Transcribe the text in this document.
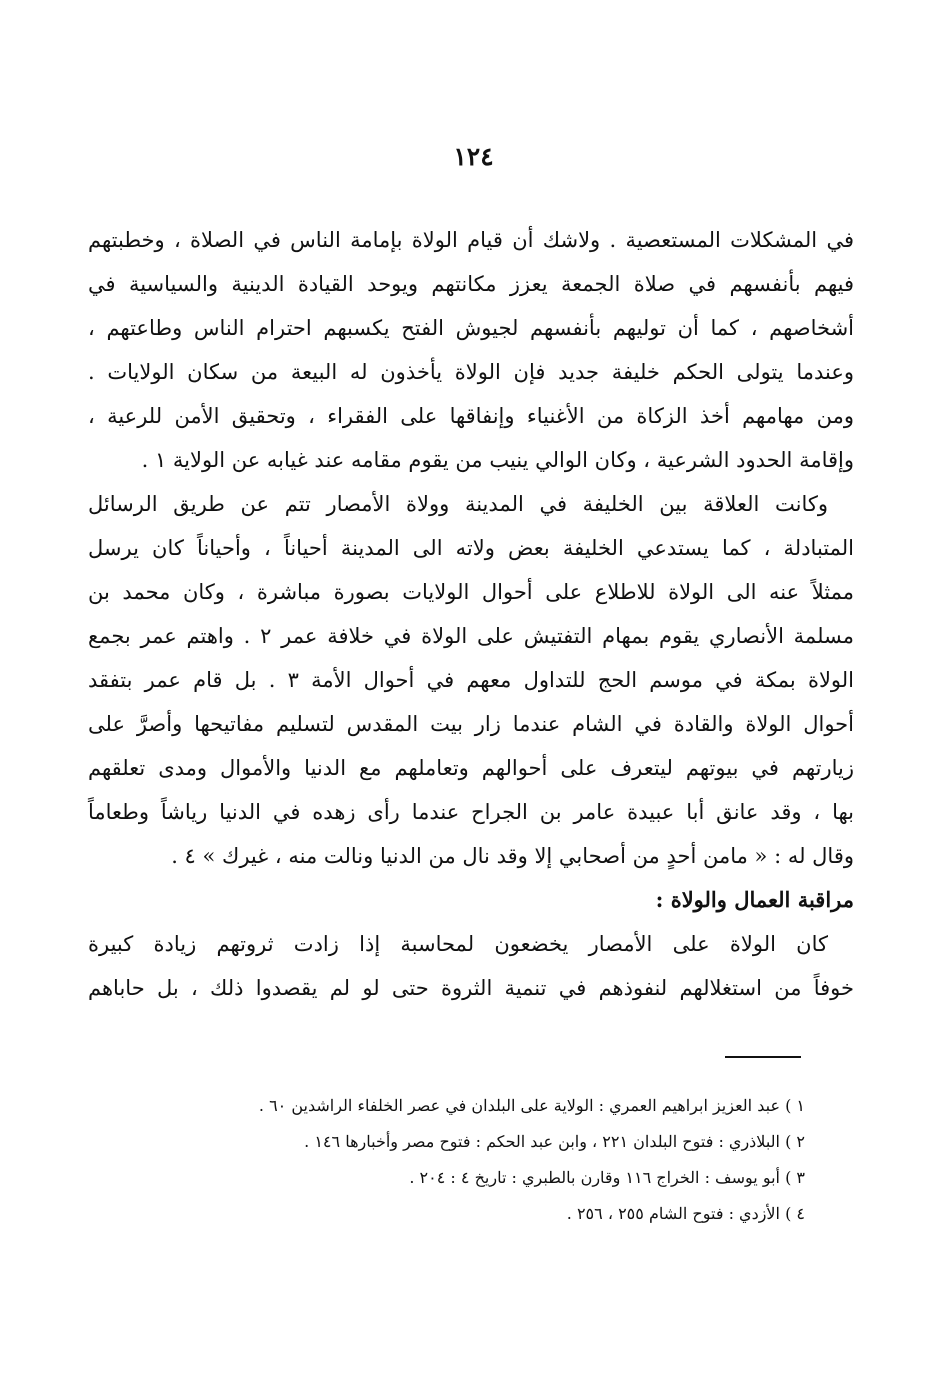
١٢٤
في المشكلات المستعصية . ولاشك أن قيام الولاة بإمامة الناس في الصلاة ، وخطبتهم
فيهم بأنفسهم في صلاة الجمعة يعزز مكانتهم ويوحد القيادة الدينية والسياسية في
أشخاصهم ، كما أن توليهم بأنفسهم لجيوش الفتح يكسبهم احترام الناس وطاعتهم ،
وعندما يتولى الحكم خليفة جديد فإن الولاة يأخذون له البيعة من سكان الولايات .
ومن مهامهم أخذ الزكاة من الأغنياء وإنفاقها على الفقراء ، وتحقيق الأمن للرعية ،
وإقامة الحدود الشرعية ، وكان الوالي ينيب من يقوم مقامه عند غيابه عن الولاية ١ .
وكانت العلاقة بين الخليفة في المدينة وولاة الأمصار تتم عن طريق الرسائل
المتبادلة ، كما يستدعي الخليفة بعض ولاته الى المدينة أحياناً ، وأحياناً كان يرسل
ممثلاً عنه الى الولاة للاطلاع على أحوال الولايات بصورة مباشرة ، وكان محمد بن
مسلمة الأنصاري يقوم بمهام التفتيش على الولاة في خلافة عمر ٢ . واهتم عمر بجمع
الولاة بمكة في موسم الحج للتداول معهم في أحوال الأمة ٣ . بل قام عمر بتفقد
أحوال الولاة والقادة في الشام عندما زار بيت المقدس لتسليم مفاتيحها وأصرَّ على
زيارتهم في بيوتهم ليتعرف على أحوالهم وتعاملهم مع الدنيا والأموال ومدى تعلقهم
بها ، وقد عانق أبا عبيدة عامر بن الجراح عندما رأى زهده في الدنيا رياشاً وطعاماً
وقال له : « مامن أحدٍ من أصحابي إلا وقد نال من الدنيا ونالت منه ، غيرك » ٤ .
مراقبة العمال والولاة :
كان الولاة على الأمصار يخضعون لمحاسبة إذا زادت ثروتهم زيادة كبيرة
خوفاً من استغلالهم لنفوذهم في تنمية الثروة حتى لو لم يقصدوا ذلك ، بل حاباهم
١ ) عبد العزيز ابراهيم العمري : الولاية على البلدان في عصر الخلفاء الراشدين ٦٠ .
٢ ) البلاذري : فتوح البلدان ٢٢١ ، وابن عبد الحكم : فتوح مصر وأخبارها ١٤٦ .
٣ ) أبو يوسف : الخراج ١١٦ وقارن بالطبري : تاريخ ٤ : ٢٠٤ .
٤ ) الأزدي : فتوح الشام ٢٥٥ ، ٢٥٦ .
